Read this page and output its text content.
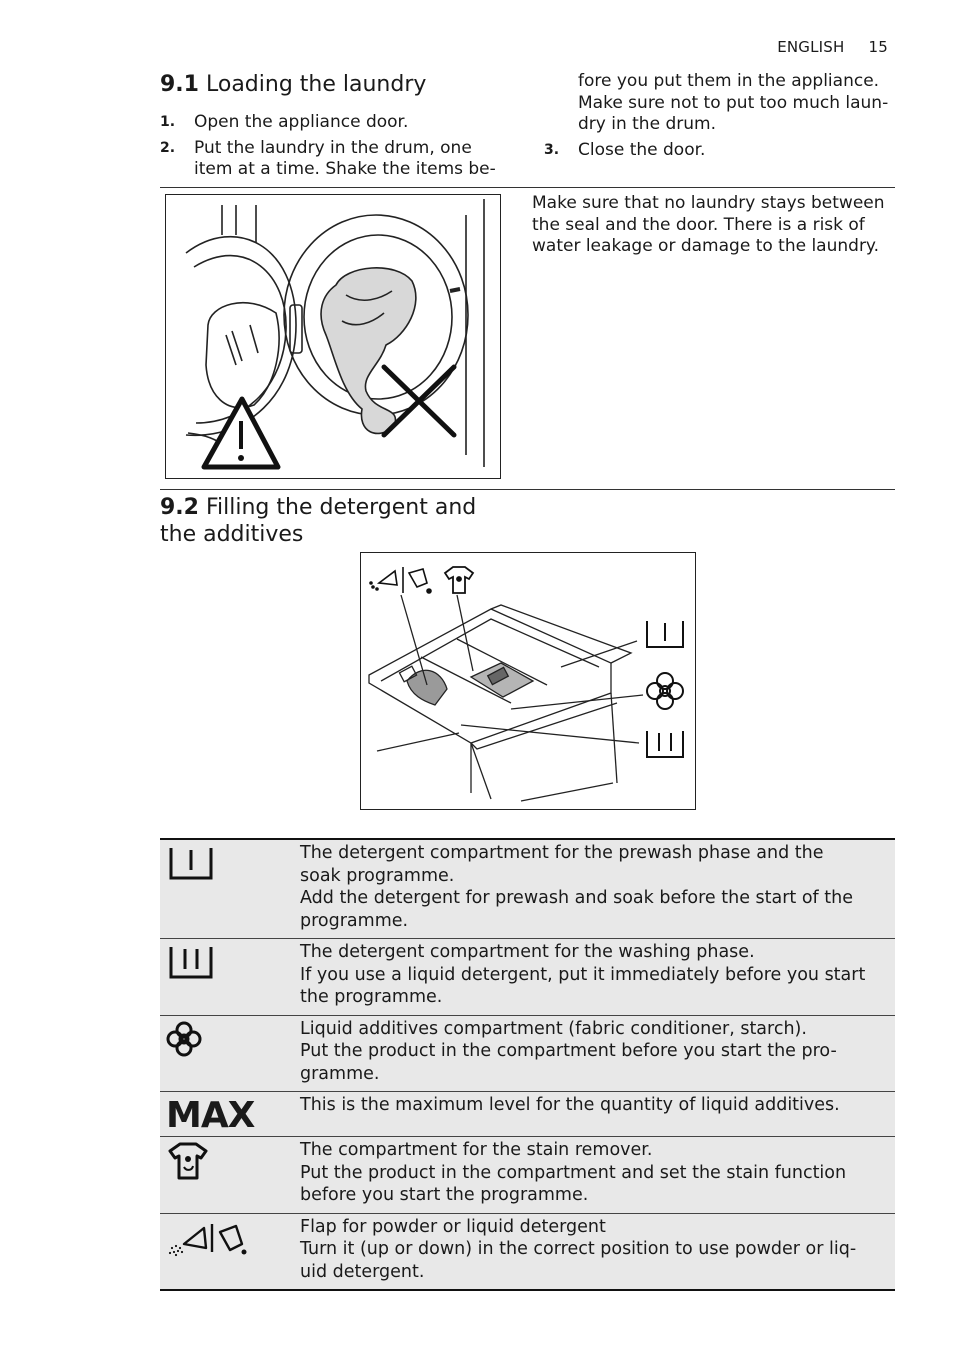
ENGLISH 15
9.1 Loading the laundry
1. Open the appliance door.
2. Put the laundry in the drum, one
item at a time. Shake the items be-
fore you put them in the appliance.
Make sure not to put too much laun-
dry in the drum.
3. Close the door.
Make sure that no laundry stays between
the seal and the door. There is a risk of
water leakage or damage to the laundry.
9.2 Filling the detergent and
the additives

The detergent compartment for the prewash phase and the
soak programme.
Add the detergent for prewash and soak before the start of the
programme.

The detergent compartment for the washing phase.
If you use a liquid detergent, put it immediately before you start
the programme.

Liquid additives compartment (fabric conditioner, starch).
Put the product in the compartment before you start the pro-
gramme.

MAX	This is the maximum level for the quantity of liquid additives.

The compartment for the stain remover.
Put the product in the compartment and set the stain function
before you start the programme.

Flap for powder or liquid detergent
Turn it (up or down) in the correct position to use powder or liq-
uid detergent.
